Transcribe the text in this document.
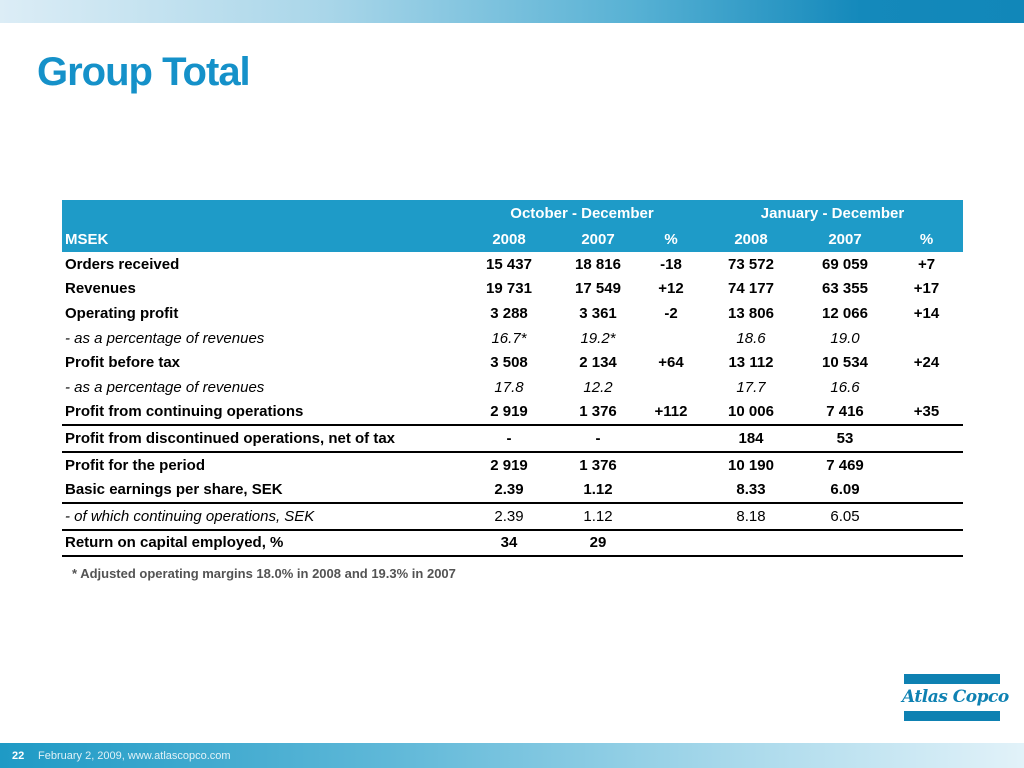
Group Total
	October - December			January - December		
MSEK	2008	2007	%	2008	2007	%
Orders received	15 437	18 816	-18	73 572	69 059	+7
Revenues	19 731	17 549	+12	74 177	63 355	+17
Operating profit	3 288	3 361	-2	13 806	12 066	+14
- as a percentage of revenues	16.7*	19.2*		18.6	19.0	
Profit before tax	3 508	2 134	+64	13 112	10 534	+24
- as a percentage of revenues	17.8	12.2		17.7	16.6	
Profit from continuing operations	2 919	1 376	+112	10 006	7 416	+35
Profit from discontinued operations, net of tax	-	-		184	53	
Profit for the period	2 919	1 376		10 190	7 469	
Basic earnings per share, SEK	2.39	1.12		8.33	6.09	
- of which continuing operations, SEK	2.39	1.12		8.18	6.05	
Return on capital employed, %	34	29				
* Adjusted operating margins 18.0% in 2008 and 19.3% in 2007
Atlas Copco
22 February 2, 2009, www.atlascopco.com
